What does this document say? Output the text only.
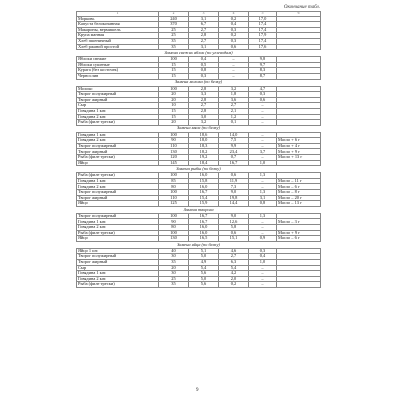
Окончание табл.
1	2	3	4	5	6
Морковь	240	3,1	0,2	17,0	
Капуста белокочанная	370	6,7	0,4	17,4	
Макароны, вермишель	25	2,7	0,3	17,4	
Крупа манная	25	2,8	0,2	17,9	
Хлеб пшеничный	35	2,7	0,3	17,4	
Хлеб ржаной простой	35	3,1	0,6	17,6	
Замена свежих яблок (по углеводам)					
Яблоки свежие	100	0,4	–	9,8	
Яблоки сушеные	15	0,5	–	9,7	
Курага (без косточек)	15	0,8	–	8,3	
Чернослив	15	0,3	–	8,7	
Замена молока (по белку)					
Молоко	100	2,8	3,2	4,7	
Творог полужирный	20	3,3	1,8	0,3	
Творог жирный	20	2,8	3,6	0,6	
Сыр	10	2,7	2,7	–	
Говядина 1 кат.	15	2,8	2,1	–	
Говядина 2 кат.	15	3,0	1,2	–	
Рыба (филе трески)	20	3,2	0,1	–	
Замена мяса (по белку)					
Говядина 1 кат.	100	18,6	14,0	–	
Говядина 2 кат.	90	18,0	7,5	–	Масло + 6 г
Творог полужирный	110	18,3	9,9	–	Масло + 4 г
Творог жирный	130	18,2	23,4	3,7	Масло + 9 г
Рыба (филе трески)	120	19,2	0,7	–	Масло + 13 г
Яйцо	145	18,4	16,7	1,0	
Замена рыбы (по белку)					
Рыба (филе трески)	100	16,0	0,6	1,3	
Говядина 1 кат.	85	15,8	11,9	–	Масло – 11 г
Говядина 2 кат.	80	16,0	7,3	–	Масло – 6 г
Творог полужирный	100	16,7	9,0	1,3	Масло – 8 г
Творог жирный	110	15,4	19,8	3,1	Масло – 20 г
Яйцо	125	15,9	14,4	0,8	Масло – 13 г
Замена творога					
Творог полужирный	100	16,7	9,0	1,3	
Говядина 1 кат.	90	16,7	12,6	–	Масло – 3 г
Говядина 2 кат.	80	16,0	5,8	–	
Рыба (филе трески)	100	16,0	0,6	–	Масло + 9 г
Яйцо	130	16,5	15,1	0,9	Масло – 6 г
Замена яйца (по белку)					
Яйцо 1 шт.	40	5,1	4,6	0,3	
Творог полужирный	30	5,0	2,7	0,4	
Творог жирный	35	4,9	6,3	1,0	
Сыр	20	5,4	5,4	–	
Говядина 1 кат.	30	5,6	4,2	–	
Говядина 2 кат.	25	5,0	2,0	–	
Рыба (филе трески)	35	5,6	0,2	–	
9
